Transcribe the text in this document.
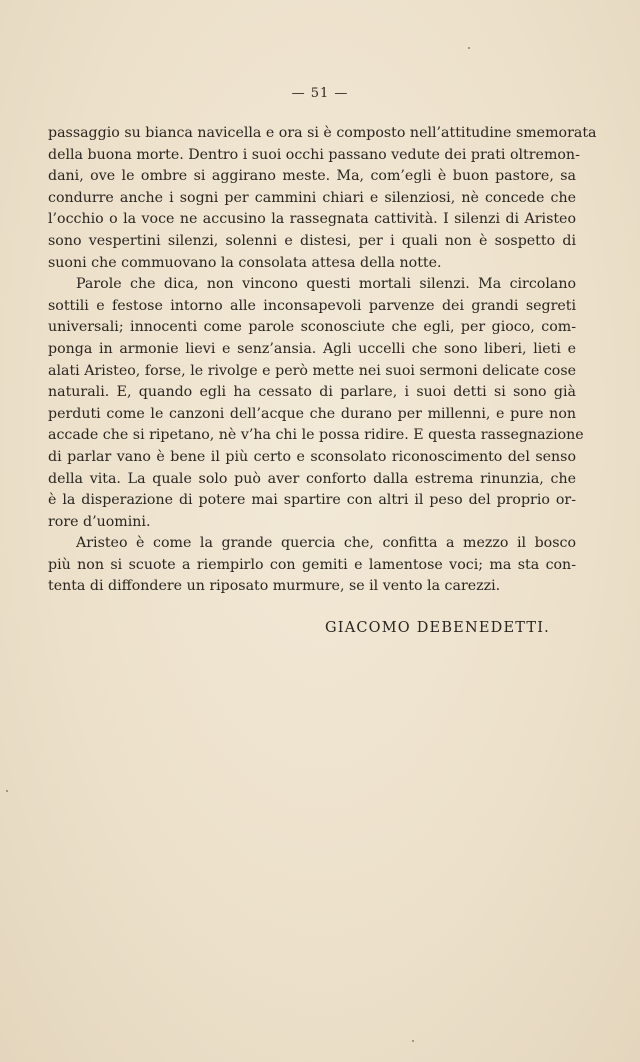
— 51 —
passaggio su bianca navicella e ora si è composto nell’attitudine smemorata
della buona morte. Dentro i suoi occhi passano vedute dei prati oltremon-
dani, ove le ombre si aggirano meste. Ma, com’egli è buon pastore, sa
condurre anche i sogni per cammini chiari e silenziosi, nè concede che
l’occhio o la voce ne accusino la rassegnata cattività. I silenzi di Aristeo
sono vespertini silenzi, solenni e distesi, per i quali non è sospetto di
suoni che commuovano la consolata attesa della notte.
Parole che dica, non vincono questi mortali silenzi. Ma circolano
sottili e festose intorno alle inconsapevoli parvenze dei grandi segreti
universali; innocenti come parole sconosciute che egli, per gioco, com-
ponga in armonie lievi e senz’ansia. Agli uccelli che sono liberi, lieti e
alati Aristeo, forse, le rivolge e però mette nei suoi sermoni delicate cose
naturali. E, quando egli ha cessato di parlare, i suoi detti si sono già
perduti come le canzoni dell’acque che durano per millenni, e pure non
accade che si ripetano, nè v’ha chi le possa ridire. E questa rassegnazione
di parlar vano è bene il più certo e sconsolato riconoscimento del senso
della vita. La quale solo può aver conforto dalla estrema rinunzia, che
è la disperazione di potere mai spartire con altri il peso del proprio or-
rore d’uomini.
Aristeo è come la grande quercia che, confitta a mezzo il bosco
più non si scuote a riempirlo con gemiti e lamentose voci; ma sta con-
tenta di diffondere un riposato murmure, se il vento la carezzi.
GIACOMO DEBENEDETTI.
